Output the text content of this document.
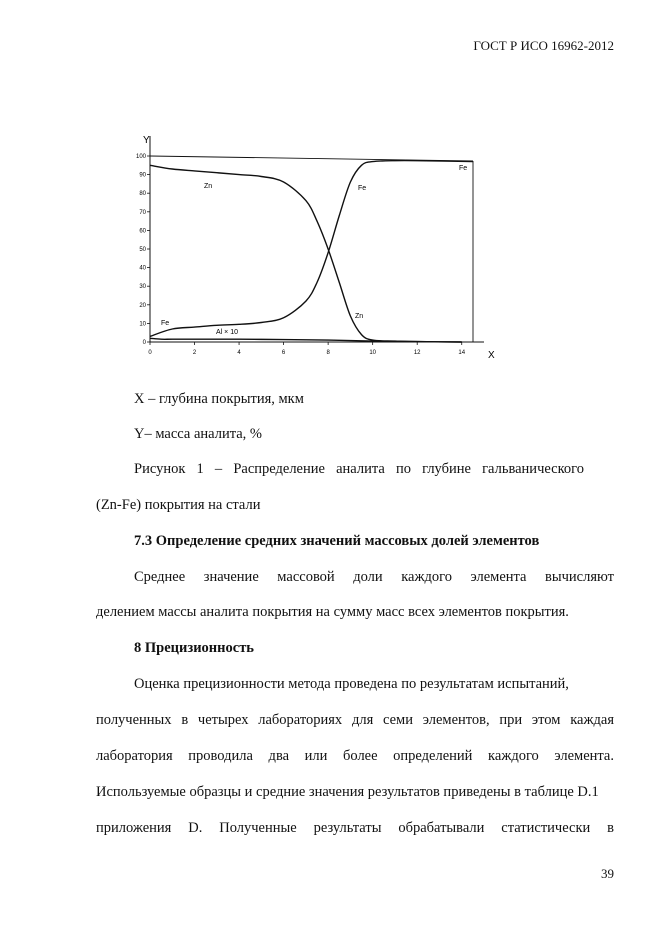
ГОСТ Р ИСО 16962-2012
0
10
20
30
40
50
60
70
80
90
100
0	2	4	6	8	10	12	14
Y
X
Zn	Fe
Fe
Zn
Fe
Al × 10
X – глубина покрытия, мкм
Y– масса аналита, %
Рисунок 1 – Распределение аналита по глубине гальванического
(Zn-Fe) покрытия на стали
7.3 Определение средних значений массовых долей элементов
Среднее значение массовой доли каждого элемента вычисляют
делением массы аналита покрытия на сумму масс всех элементов покрытия.
8 Прецизионность
Оценка прецизионности метода проведена по результатам испытаний,
полученных в четырех лабораториях для семи элементов, при этом каждая
лаборатория проводила два или более определений каждого элемента.
Используемые образцы и средние значения результатов приведены в таблице D.1
приложения D. Полученные результаты обрабатывали статистически в
39
